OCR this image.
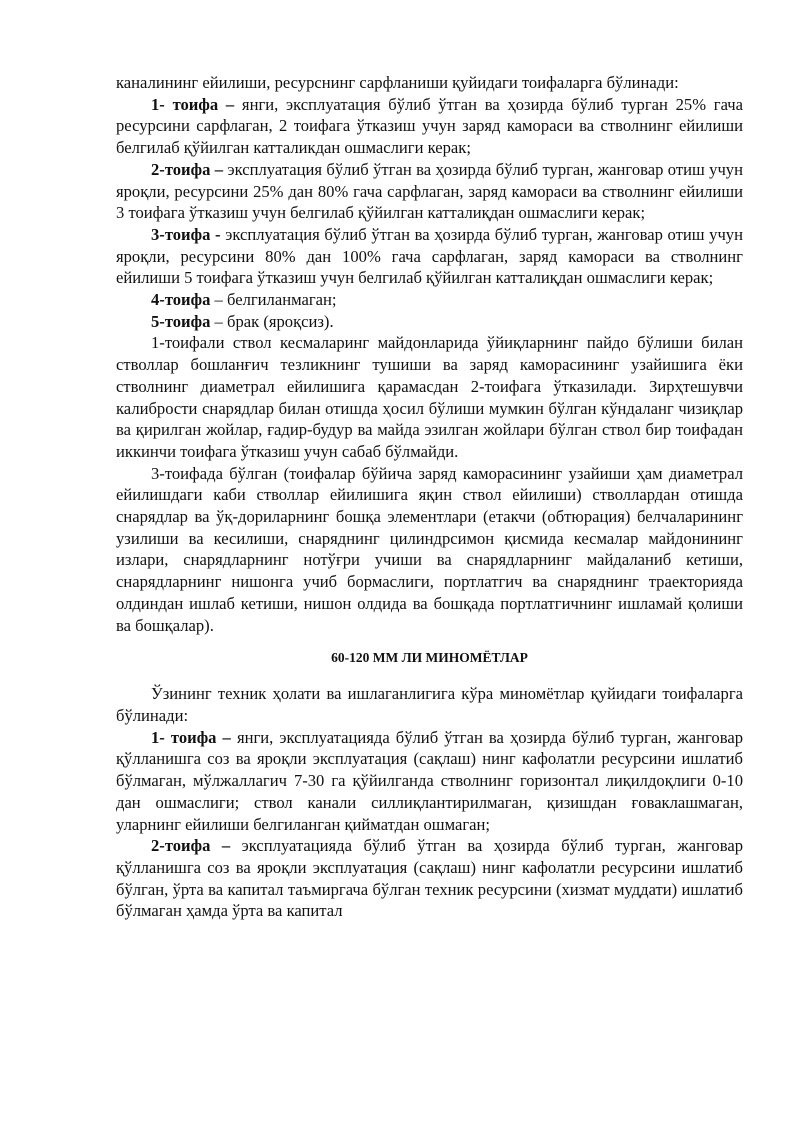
каналининг ейилиши, ресурснинг сарфланиши қуйидаги тоифаларга бўлинади:

1- тоифа – янги, эксплуатация бўлиб ўтган ва ҳозирда бўлиб турган 25% гача ресурсини сарфлаган, 2 тоифага ўтказиш учун заряд камораси ва стволнинг ейилиши белгилаб қўйилган катталикдан ошмаслиги керак;

2-тоифа – эксплуатация бўлиб ўтган ва ҳозирда бўлиб турган, жанговар отиш учун яроқли, ресурсини 25% дан 80% гача сарфлаган, заряд камораси ва стволнинг ейилиши 3 тоифага ўтказиш учун белгилаб қўйилган катталиқдан ошмаслиги керак;

3-тоифа - эксплуатация бўлиб ўтган ва ҳозирда бўлиб турган, жанговар отиш учун яроқли, ресурсини 80% дан 100% гача сарфлаган, заряд камораси ва стволнинг ейилиши 5 тоифага ўтказиш учун белгилаб қўйилган катталиқдан ошмаслиги керак;

4-тоифа – белгиланмаган;

5-тоифа – брак (яроқсиз).

1-тоифали ствол кесмаларинг майдонларида ўйиқларнинг пайдо бўлиши билан стволлар бошланғич тезликнинг тушиши ва заряд каморасининг узайишига ёки стволнинг диаметрал ейилишига қарамасдан 2-тоифага ўтказилади. Зирҳтешувчи калибрости снарядлар билан отишда ҳосил бўлиши мумкин бўлган кўндаланг чизиқлар ва қирилган жойлар, ғадир-будур ва майда эзилган жойлари бўлган ствол бир тоифадан иккинчи тоифага ўтказиш учун сабаб бўлмайди.

3-тоифада бўлган (тоифалар бўйича заряд каморасининг узайиши ҳам диаметрал ейилишдаги каби стволлар ейилишига яқин ствол ейилиши) стволлардан отишда снарядлар ва ўқ-дориларнинг бошқа элементлари (етакчи (обтюрация) белчаларининг узилиши ва кесилиши, снаряднинг цилиндрсимон қисмида кесмалар майдонининг излари, снарядларнинг нотўғри учиши ва снарядларнинг майдаланиб кетиши, снарядларнинг нишонга учиб бормаслиги, портлатгич ва снаряднинг траекторияда олдиндан ишлаб кетиши, нишон олдида ва бошқада портлатгичнинг ишламай қолиши ва бошқалар).

60-120 ММ ЛИ МИНОМЁТЛАР

Ўзининг техник ҳолати ва ишлаганлигига кўра миномётлар қуйидаги тоифаларга бўлинади:

1- тоифа – янги, эксплуатацияда бўлиб ўтган ва ҳозирда бўлиб турган, жанговар қўлланишга соз ва яроқли эксплуатация (сақлаш) нинг кафолатли ресурсини ишлатиб бўлмаган, мўлжаллагич 7-30 га қўйилганда стволнинг горизонтал лиқилдоқлиги 0-10 дан ошмаслиги; ствол канали силлиқлантирилмаган, қизишдан ғоваклашмаган, уларнинг ейилиши белгиланган қийматдан ошмаган;

2-тоифа – эксплуатацияда бўлиб ўтган ва ҳозирда бўлиб турган, жанговар қўлланишга соз ва яроқли эксплуатация (сақлаш) нинг кафолатли ресурсини ишлатиб бўлган, ўрта ва капитал таъмиргача бўлган техник ресурсини (хизмат муддати) ишлатиб бўлмаган ҳамда ўрта ва капитал
